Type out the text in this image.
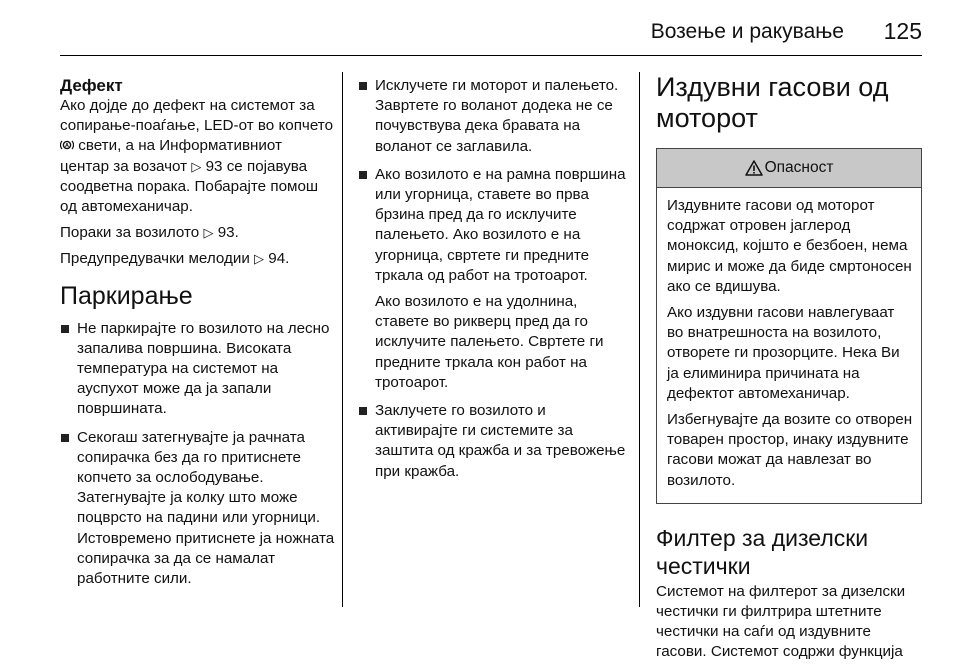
Возење и ракување 125
Дефект

Ако дојде до дефект на системот за сопирање-поаѓање, LED-от во копчето
A свети, а на Информативниот центар за возачот ▷ 93 се појавува соодветна порака. Побарајте помош од автомеханичар.

Пораки за возилото ▷ 93.

Предупредувачки мелодии ▷ 94.

Паркирање
Не паркирајте го возилото на лесно запалива површина. Високата температура на системот на ауспухот може да ја запали површината.
Секогаш затегнувајте ја рачната сопирачка без да го притиснете копчето за ослободување. Затегнувајте ја колку што може поцврсто на падини или угорници. Истовремено притиснете ја ножната сопирачка за да се намалат работните сили.
Исклучете ги моторот и палењето. Завртете го воланот додека не се почувствува дека бравата на воланот се заглавила.

Ако возилото е на рамна површина или угорница, ставете во прва брзина пред да го исклучите палењето. Ако возилото е на угорница, свртете ги предните тркала од работ на тротоарот.

Ако возилото е на удолнина, ставете во рикверц пред да го исклучите палењето. Свртете ги предните тркала кон работ на тротоарот.

Заклучете го возилото и активирајте ги системите за заштита од кражба и за тревожење при кражба.
Издувни гасови од моторот
Опасност

Издувните гасови од моторот содржат отровен јаглерод моноксид, којшто е безбоен, нема мирис и може да биде смртоносен ако се вдишува.

Ако издувни гасови навлегуваат во внатрешноста на возилото, отворете ги прозорците. Нека Ви ја елиминира причината на дефектот автомеханичар.

Избегнувајте да возите со отворен товарен простор, инаку издувните гасови можат да навлезат во возилото.

Филтер за дизелски честички

Системот на филтерот за дизелски честички ги филтрира штетните честички на саѓи од издувните гасови. Системот содржи функција
